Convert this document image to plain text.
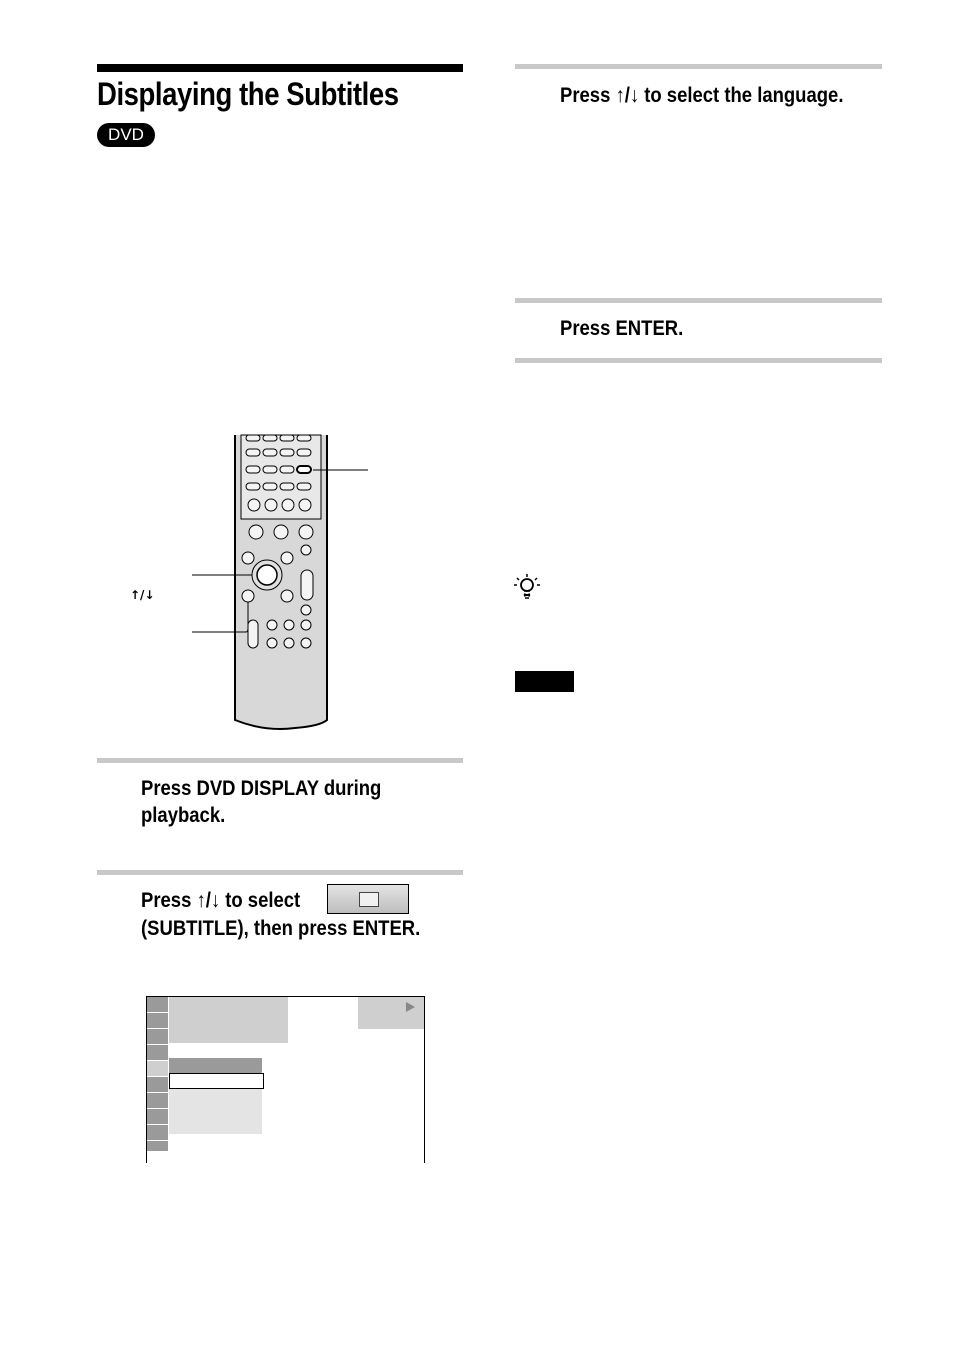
Displaying the Subtitles
DVD
↑/↓
Press DVD DISPLAY during
playback.
Press ↑/↓ to select
(SUBTITLE), then press ENTER.
Press ↑/↓ to select the language.
Press ENTER.
